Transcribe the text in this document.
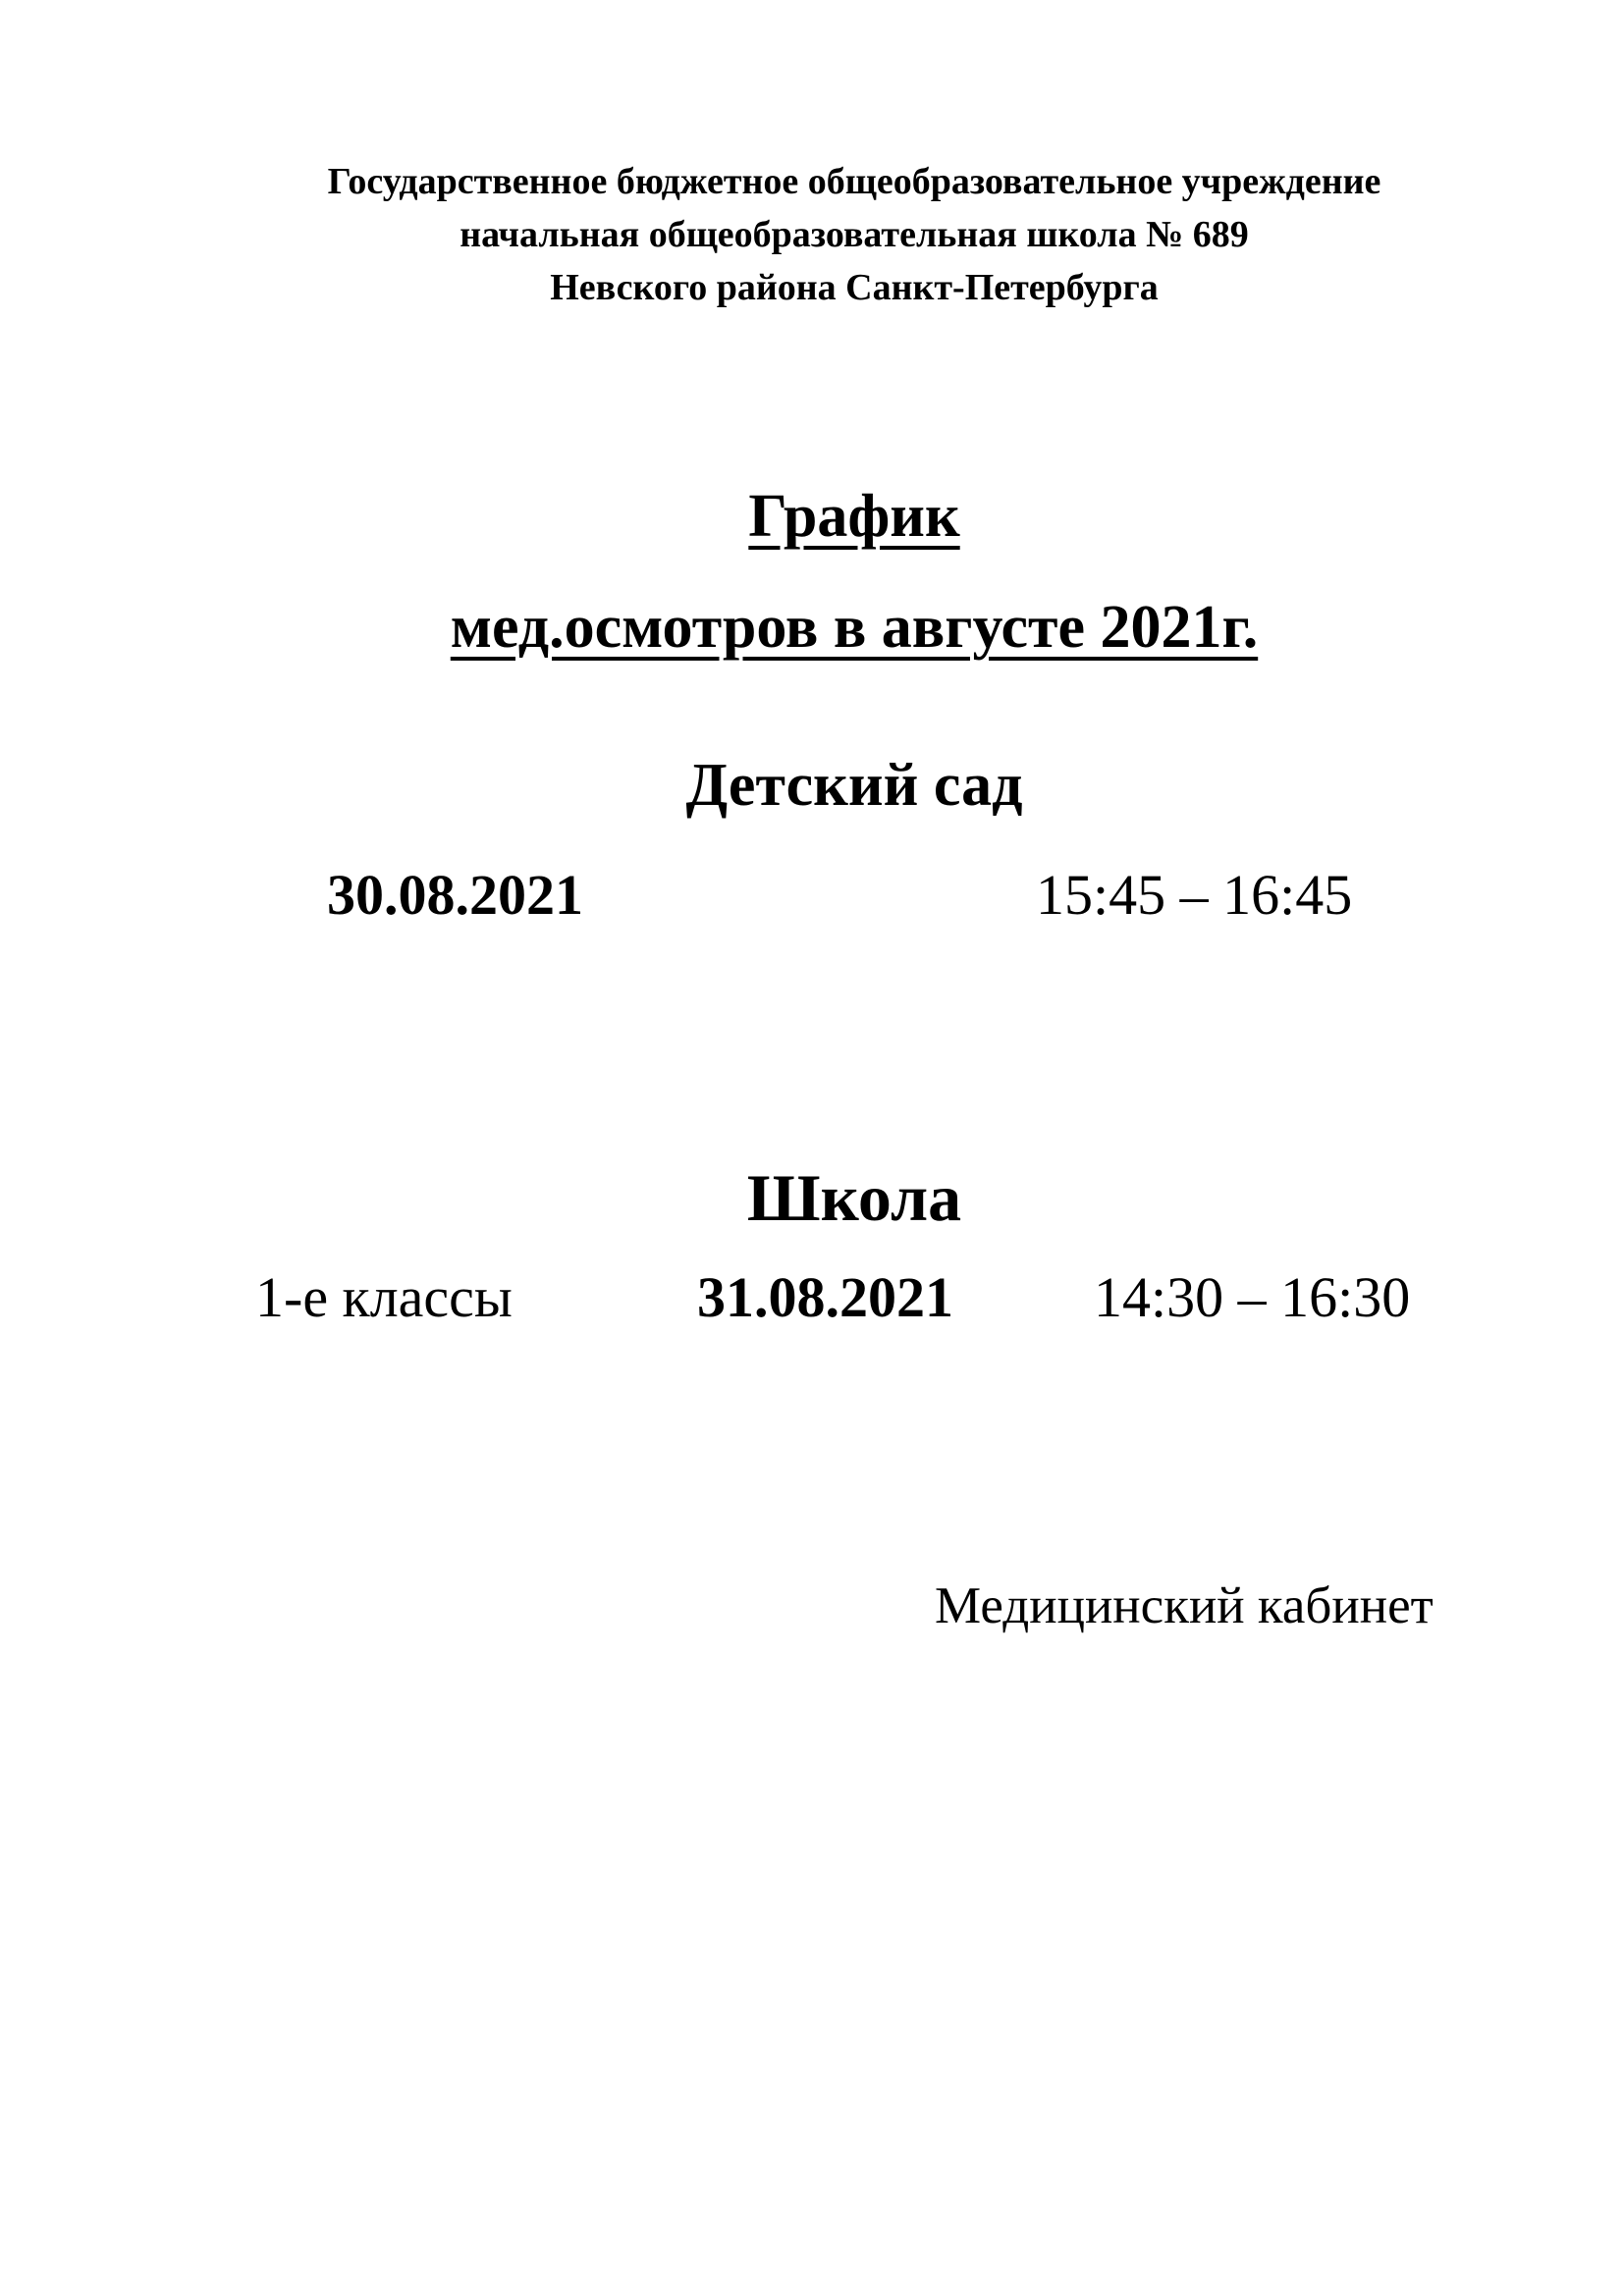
Государственное бюджетное общеобразовательное учреждение
начальная общеобразовательная школа № 689
Невского района Санкт-Петербурга
График
мед.осмотров в августе 2021г.
Детский сад
30.08.2021	15:45 – 16:45
Школа
1-е классы	31.08.2021 14:30 – 16:30
Медицинский кабинет
